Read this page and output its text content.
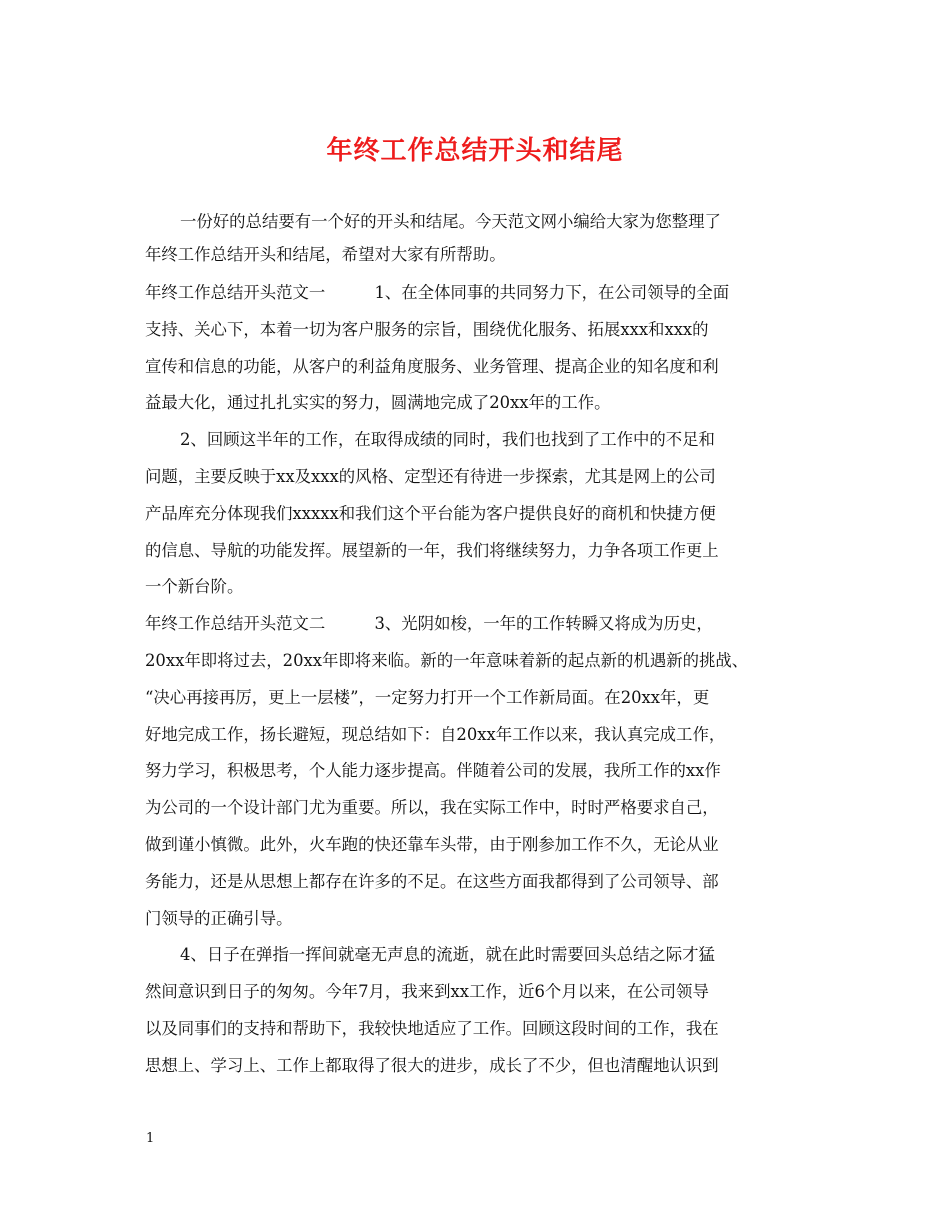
年终工作总结开头和结尾

一份好的总结要有一个好的开头和结尾。今天范文网小编给大家为您整理了

年终工作总结开头和结尾，希望对大家有所帮助。

年终工作总结开头范文一　　　1、在全体同事的共同努力下，在公司领导的全面

支持、关心下，本着一切为客户服务的宗旨，围绕优化服务、拓展xxx和xxx的

宣传和信息的功能，从客户的利益角度服务、业务管理、提高企业的知名度和利

益最大化，通过扎扎实实的努力，圆满地完成了20xx年的工作。

2、回顾这半年的工作，在取得成绩的同时，我们也找到了工作中的不足和

问题，主要反映于xx及xxx的风格、定型还有待进一步探索，尤其是网上的公司

产品库充分体现我们xxxxx和我们这个平台能为客户提供良好的商机和快捷方便

的信息、导航的功能发挥。展望新的一年，我们将继续努力，力争各项工作更上

一个新台阶。

年终工作总结开头范文二　　　3、光阴如梭，一年的工作转瞬又将成为历史，

20xx年即将过去，20xx年即将来临。新的一年意味着新的起点新的机遇新的挑战、

“决心再接再厉，更上一层楼”，一定努力打开一个工作新局面。在20xx年，更

好地完成工作，扬长避短，现总结如下：自20xx年工作以来，我认真完成工作，

努力学习，积极思考，个人能力逐步提高。伴随着公司的发展，我所工作的xx作

为公司的一个设计部门尤为重要。所以，我在实际工作中，时时严格要求自己，

做到谨小慎微。此外，火车跑的快还靠车头带，由于刚参加工作不久，无论从业

务能力，还是从思想上都存在许多的不足。在这些方面我都得到了公司领导、部

门领导的正确引导。

4、日子在弹指一挥间就毫无声息的流逝，就在此时需要回头总结之际才猛

然间意识到日子的匆匆。今年7月，我来到xx工作，近6个月以来，在公司领导

以及同事们的支持和帮助下，我较快地适应了工作。回顾这段时间的工作，我在

思想上、学习上、工作上都取得了很大的进步，成长了不少，但也清醒地认识到

1
